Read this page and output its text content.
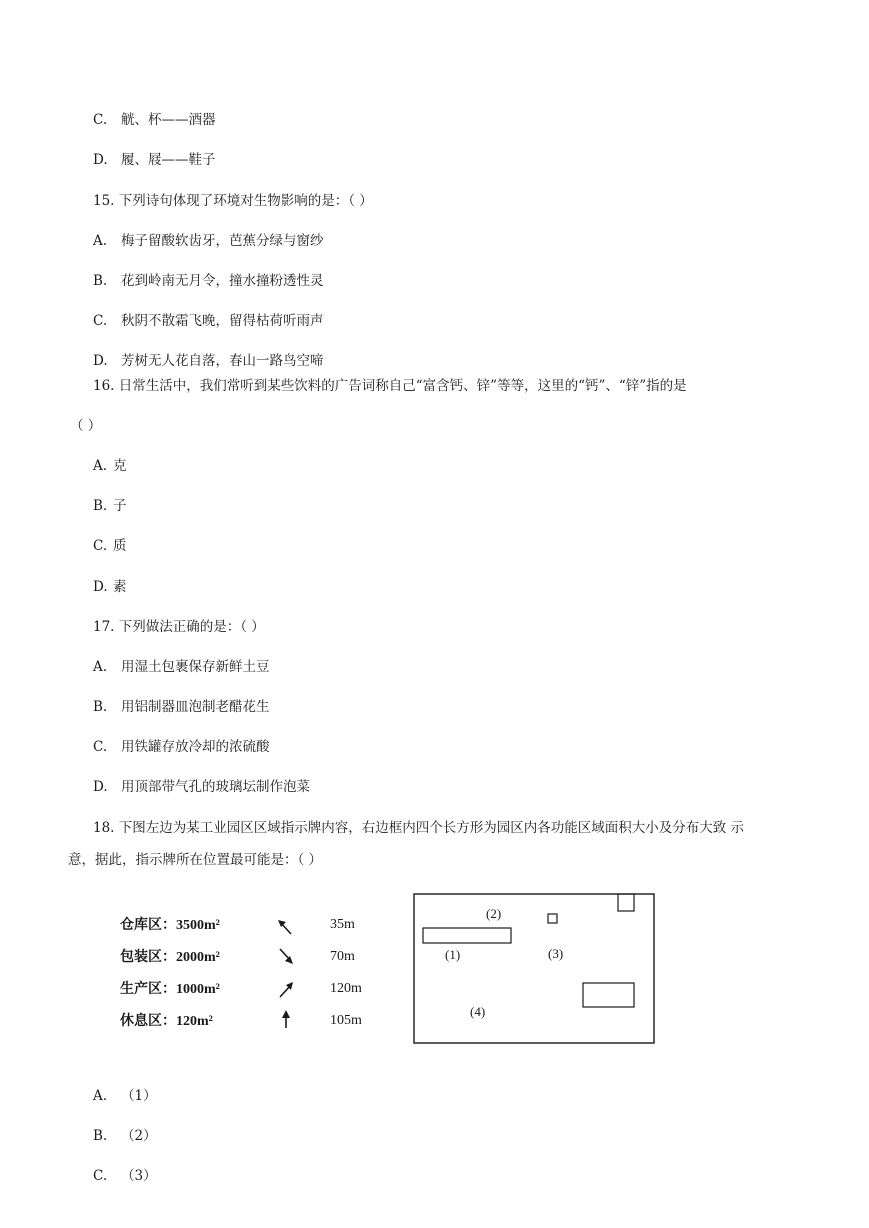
C. 觥、杯——酒器
D. 履、屐——鞋子
15. 下列诗句体现了环境对生物影响的是：（ ）
A. 梅子留酸软齿牙，芭蕉分绿与窗纱
B. 花到岭南无月令，撞水撞粉透性灵
C. 秋阴不散霜飞晚，留得枯荷听雨声
D. 芳树无人花自落，春山一路鸟空啼
16. 日常生活中，我们常听到某些饮料的广告词称自己“富含钙、锌”等等，这里的“钙”、“锌”指的是
（ ）
A. 克
B. 子
C. 质
D. 素
17. 下列做法正确的是：（ ）
A. 用湿土包裹保存新鲜土豆
B. 用铝制器皿泡制老醋花生
C. 用铁罐存放冷却的浓硫酸
D. 用顶部带气孔的玻璃坛制作泡菜
18. 下图左边为某工业园区区域指示牌内容，右边框内四个长方形为园区内各功能区域面积大小及分布大致 示
意，据此，指示牌所在位置最可能是：（ ）
仓库区：3500m²	35m
包装区：2000m²	70m
生产区：1000m²	120m
休息区：120m²	105m
(1)
(2)
(3)
(4)
A. （1）
B. （2）
C. （3）
